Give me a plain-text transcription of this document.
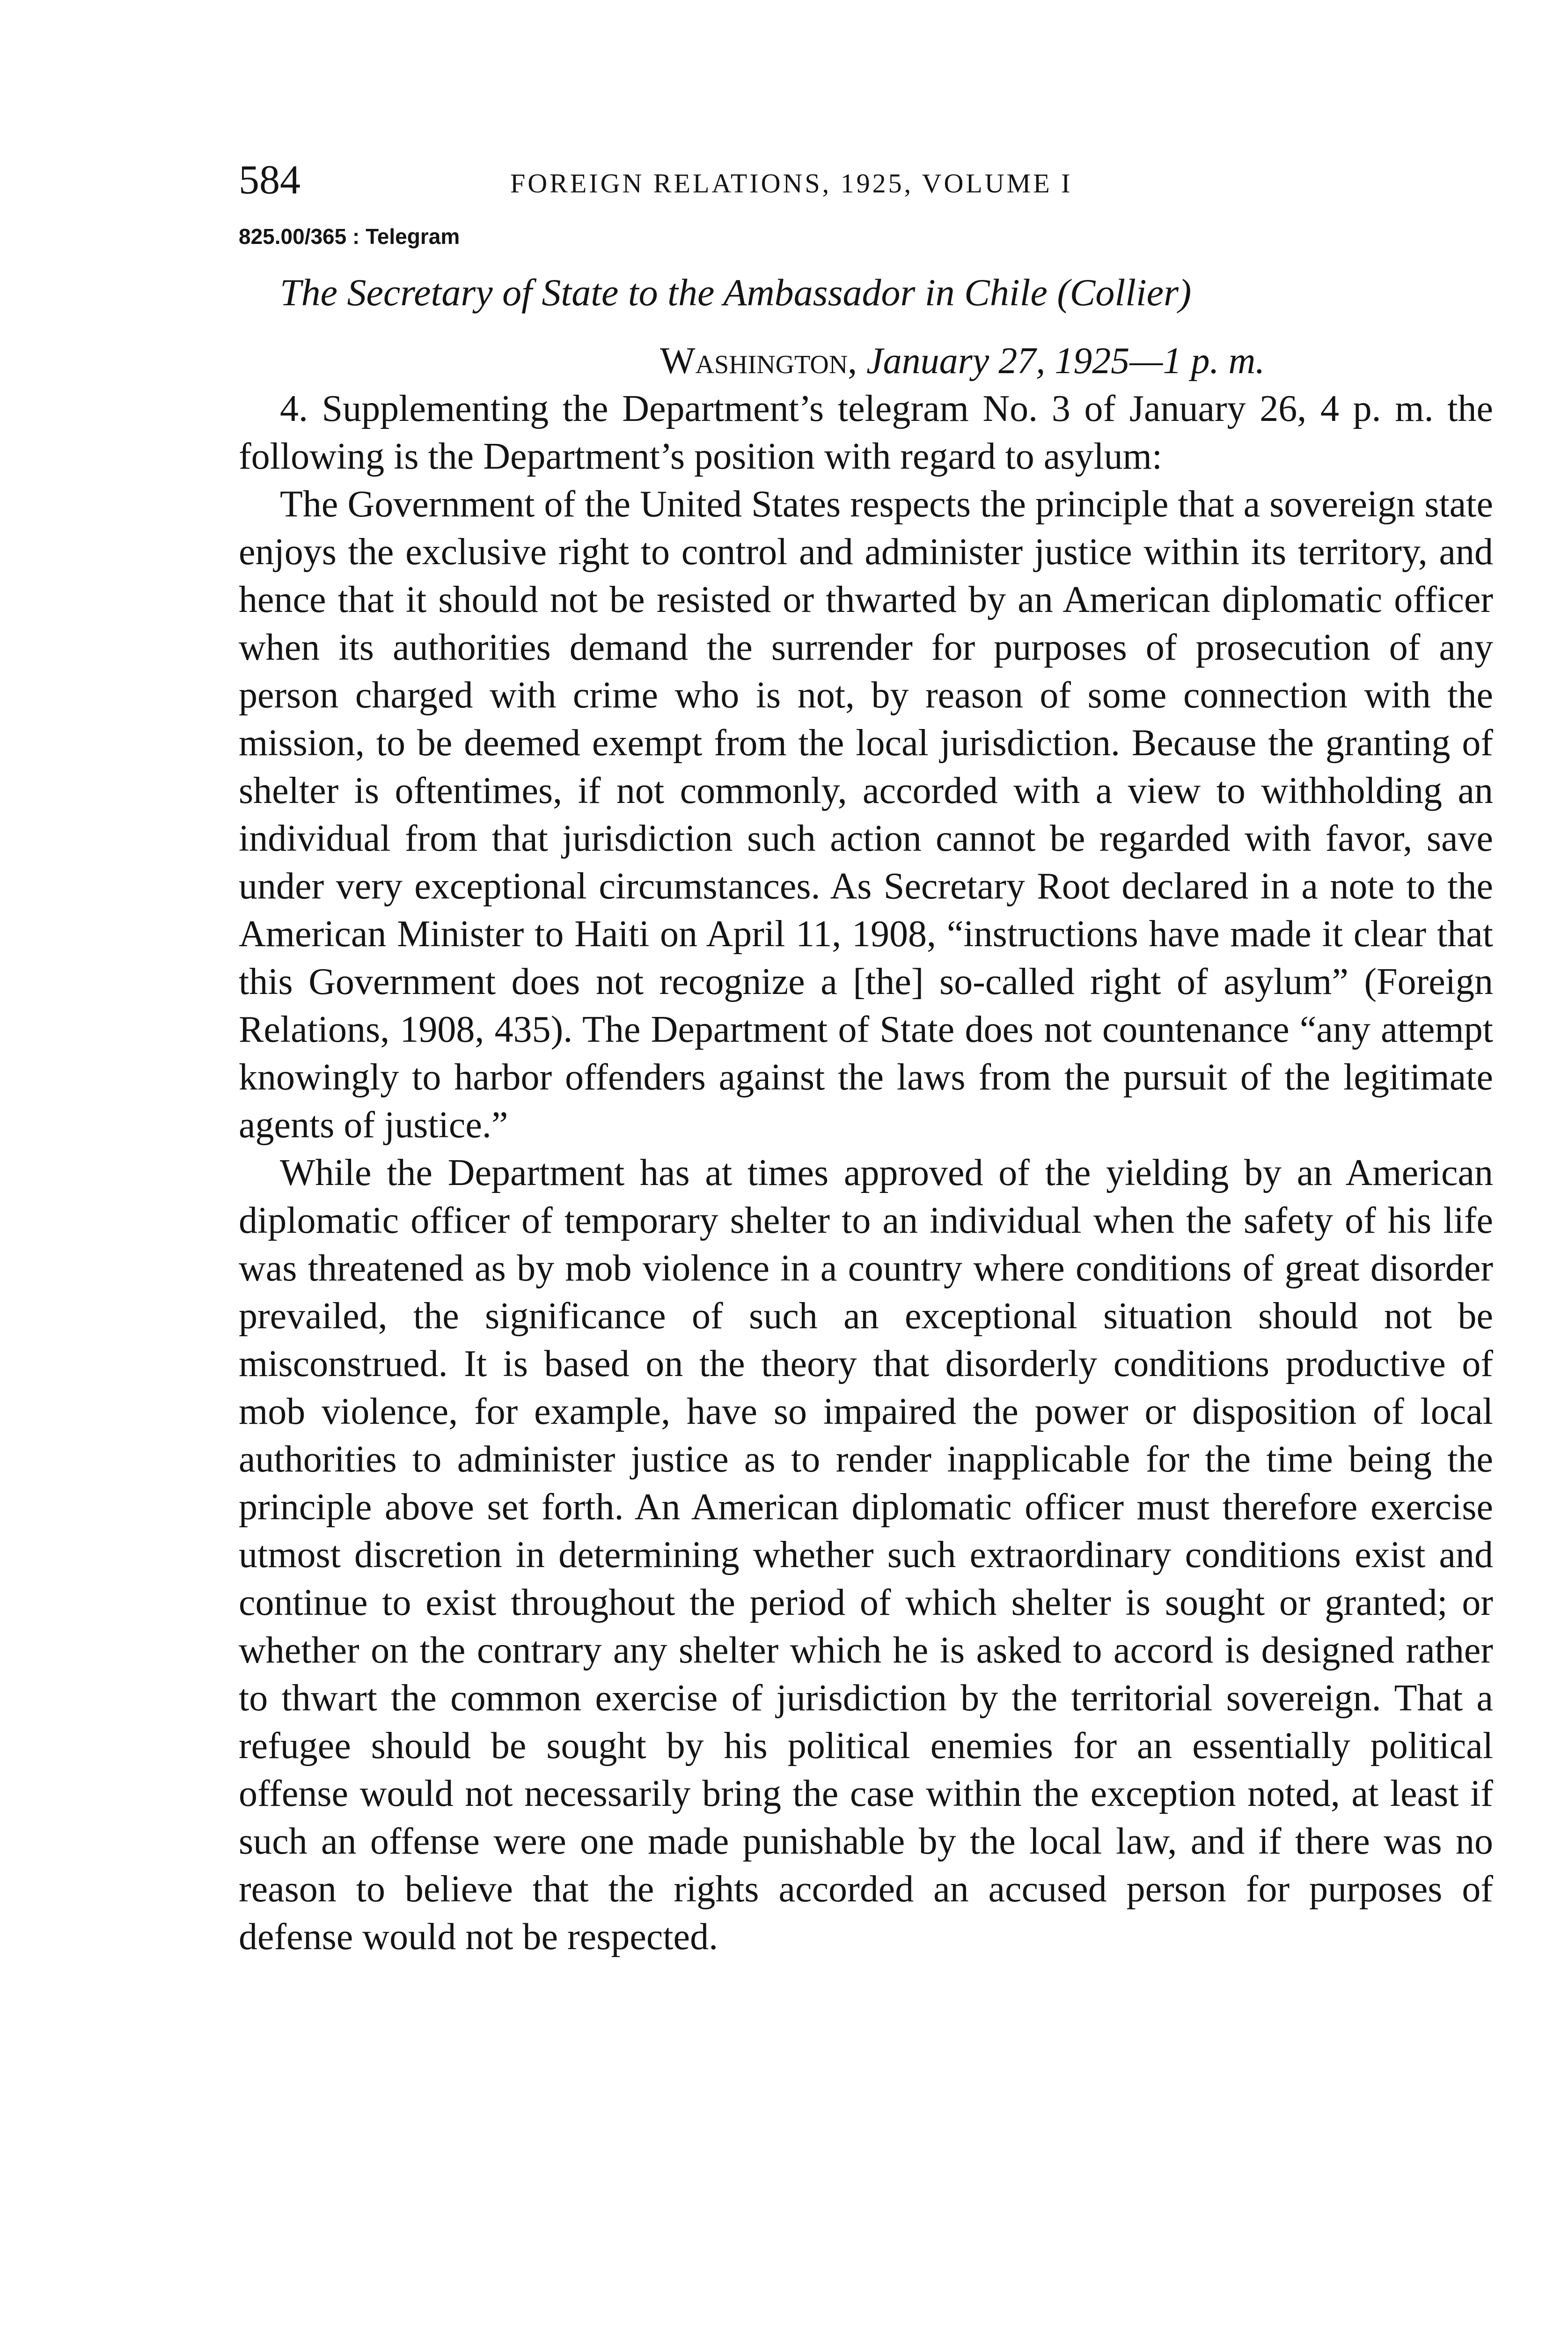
584	FOREIGN RELATIONS, 1925, VOLUME I
825.00/365 : Telegram
The Secretary of State to the Ambassador in Chile (Collier)
Washington, January 27, 1925—1 p. m.

4. Supplementing the Department’s telegram No. 3 of January 26, 4 p. m. the following is the Department’s position with regard to asylum:

The Government of the United States respects the principle that a sovereign state enjoys the exclusive right to control and administer justice within its territory, and hence that it should not be resisted or thwarted by an American diplomatic officer when its authorities demand the surrender for purposes of prosecution of any person charged with crime who is not, by reason of some connection with the mission, to be deemed exempt from the local jurisdiction. Because the granting of shelter is oftentimes, if not commonly, accorded with a view to withholding an individual from that jurisdiction such action cannot be regarded with favor, save under very exceptional circumstances. As Secretary Root declared in a note to the American Minister to Haiti on April 11, 1908, “instructions have made it clear that this Government does not recognize a [the] so-called right of asylum” (Foreign Relations, 1908, 435). The Department of State does not countenance “any attempt knowingly to harbor offenders against the laws from the pursuit of the legitimate agents of justice.”

While the Department has at times approved of the yielding by an American diplomatic officer of temporary shelter to an individual when the safety of his life was threatened as by mob violence in a country where conditions of great disorder prevailed, the significance of such an exceptional situation should not be misconstrued. It is based on the theory that disorderly conditions productive of mob violence, for example, have so impaired the power or disposition of local authorities to administer justice as to render inapplicable for the time being the principle above set forth. An American diplomatic officer must therefore exercise utmost discretion in determining whether such extraordinary conditions exist and continue to exist throughout the period of which shelter is sought or granted; or whether on the contrary any shelter which he is asked to accord is designed rather to thwart the common exercise of jurisdiction by the territorial sovereign. That a refugee should be sought by his political enemies for an essentially political offense would not necessarily bring the case within the exception noted, at least if such an offense were one made punishable by the local law, and if there was no reason to believe that the rights accorded an accused person for purposes of defense would not be respected.
